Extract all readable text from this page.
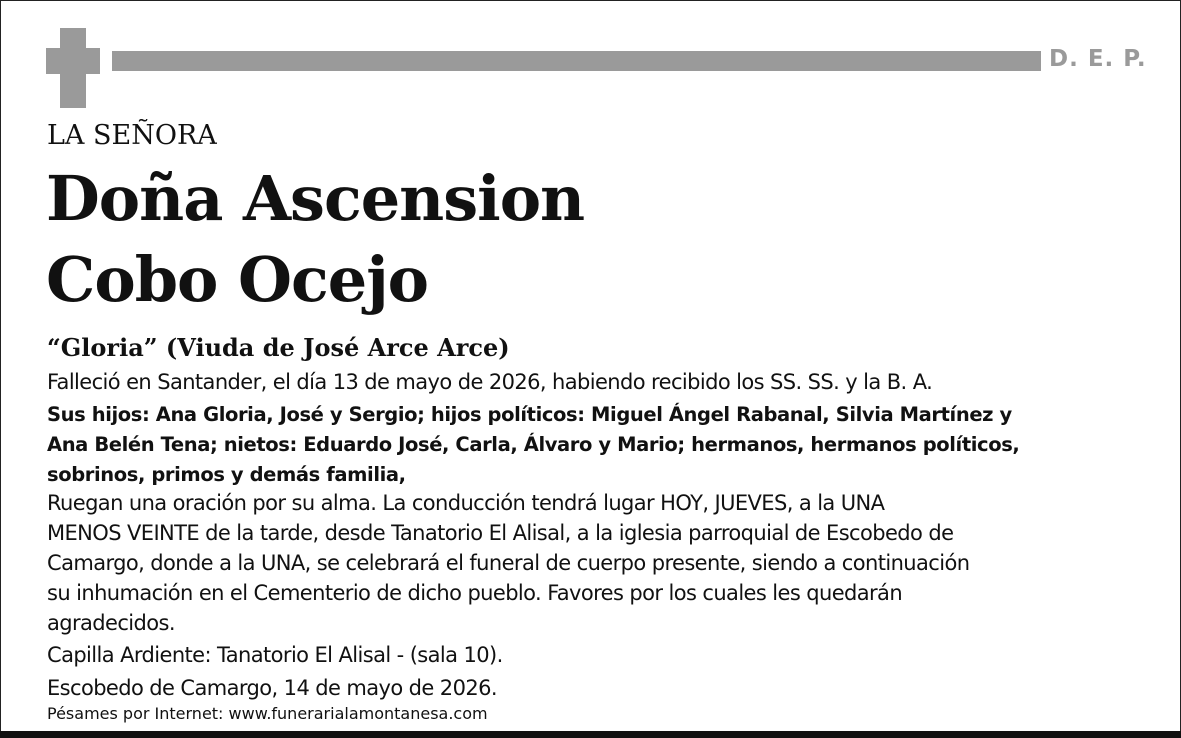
D. E. P.
LA SEÑORA
Doña Ascension
Cobo Ocejo
“Gloria” (Viuda de José Arce Arce)
Falleció en Santander, el día 13 de mayo de 2026, habiendo recibido los SS. SS. y la B. A.
Sus hijos: Ana Gloria, José y Sergio; hijos políticos: Miguel Ángel Rabanal, Silvia Martínez y
Ana Belén Tena; nietos: Eduardo José, Carla, Álvaro y Mario; hermanos, hermanos políticos,
sobrinos, primos y demás familia,
Ruegan una oración por su alma. La conducción tendrá lugar HOY, JUEVES, a la UNA
MENOS VEINTE de la tarde, desde Tanatorio El Alisal, a la iglesia parroquial de Escobedo de
Camargo, donde a la UNA, se celebrará el funeral de cuerpo presente, siendo a continuación
su inhumación en el Cementerio de dicho pueblo. Favores por los cuales les quedarán
agradecidos.
Capilla Ardiente: Tanatorio El Alisal - (sala 10).
Escobedo de Camargo, 14 de mayo de 2026.
Pésames por Internet: www.funerarialamontanesa.com
